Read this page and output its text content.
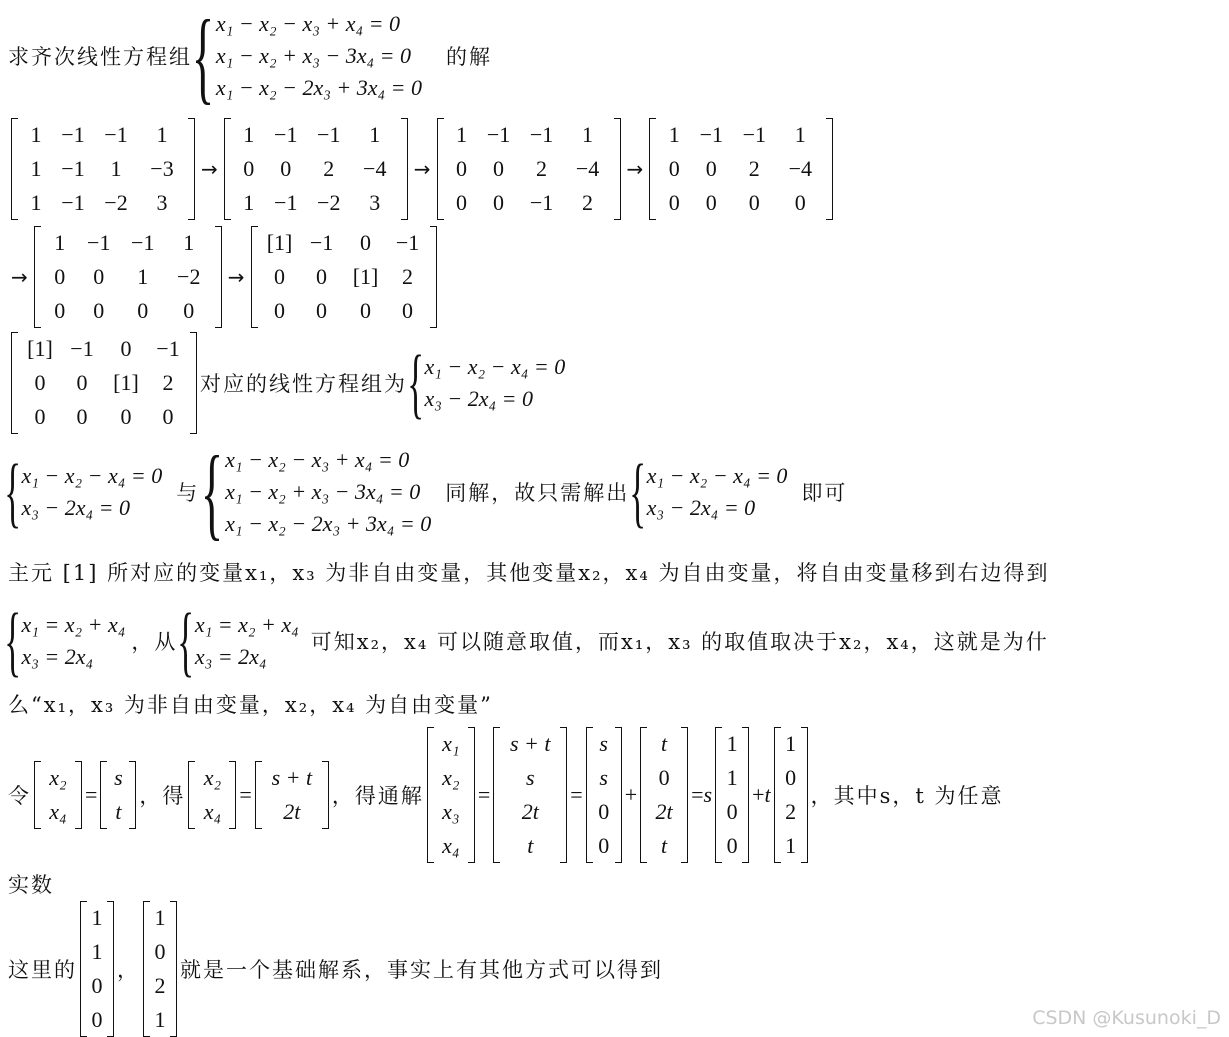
求齐次线性方程组 { x₁ − x₂ − x₃ + x₄ = 0
x₁ − x₂ + x₃ − 3x₄ = 0
x₁ − x₂ − 2x₃ + 3x₄ = 0
的解
1 −1 −1 1
1 −1 1 −3
1 −1 −2 3
→
1 −1 −1 1
0 0 2 −4
1 −1 −2 3
→
1 −1 −1 1
0 0 2 −4
0 0 −1 2
→
1 −1 −1 1
0 0 2 −4
0 0 0 0
→
1 −1 −1 1
0 0 1 −2
0 0 0 0
→
[1] −1 0 −1
0 0 [1] 2
0 0 0 0
[1] −1 0 −1
0 0 [1] 2
0 0 0 0
对应的线性方程组为 { x₁ − x₂ − x₄ = 0
x₃ − 2x₄ = 0
{ x₁ − x₂ − x₄ = 0
x₃ − 2x₄ = 0
与 { x₁ − x₂ − x₃ + x₄ = 0
x₁ − x₂ + x₃ − 3x₄ = 0
x₁ − x₂ − 2x₃ + 3x₄ = 0
同解，故只需解出 { x₁ − x₂ − x₄ = 0
x₃ − 2x₄ = 0
即可
主元 [1] 所对应的变量x₁，x₃ 为非自由变量，其他变量x₂，x₄ 为自由变量，将自由变量移到右边得到
{ x₁ = x₂ + x₄
x₃ = 2x₄
，从 { x₁ = x₂ + x₄
x₃ = 2x₄
可知x₂，x₄ 可以随意取值，而x₁，x₃ 的取值取决于x₂，x₄，这就是为什
么“x₁，x₃ 为非自由变量，x₂，x₄ 为自由变量”
令
x₂
x₄
=
s
t
，得
x₂
x₄
=
s + t
2t
，得通解
x₁
x₂
x₃
x₄
=
s + t
s
2t
t
=
s
s
0
0
+
t
0
2t
t
= s
1
1
0
0
+ t
1
0
2
1
，其中s，t 为任意
实数
这里的
1
1
0
0
，
1
0
2
1
就是一个基础解系，事实上有其他方式可以得到
CSDN @Kusunoki_D
